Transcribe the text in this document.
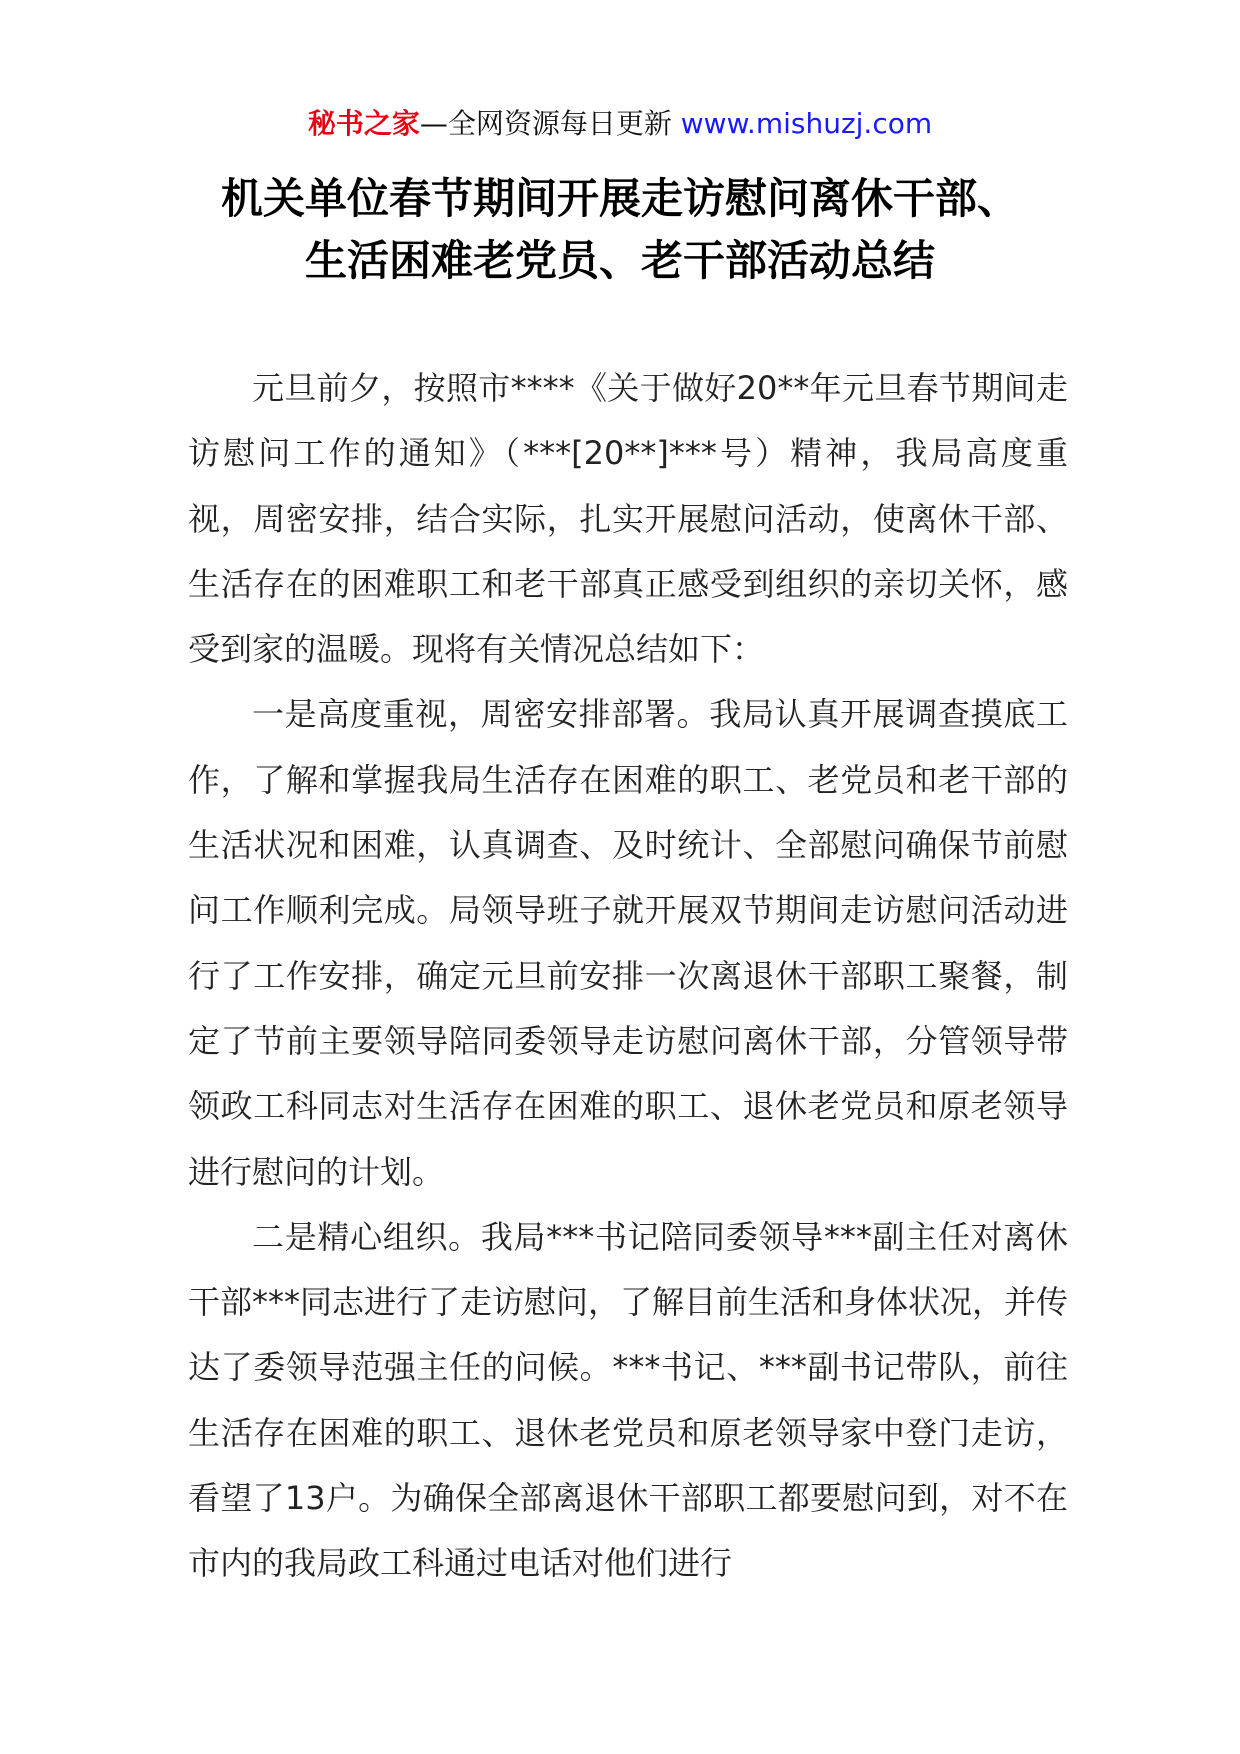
秘书之家—全网资源每日更新 www.mishuzj.com
机关单位春节期间开展走访慰问离休干部、
生活困难老党员、老干部活动总结

元旦前夕，按照市****《关于做好20**年元旦春节期间走访慰问工作的通知》（***[20**]***号）精神，我局高度重视，周密安排，结合实际，扎实开展慰问活动，使离休干部、生活存在的困难职工和老干部真正感受到组织的亲切关怀，感受到家的温暖。现将有关情况总结如下：

一是高度重视，周密安排部署。我局认真开展调查摸底工作，了解和掌握我局生活存在困难的职工、老党员和老干部的生活状况和困难，认真调查、及时统计、全部慰问确保节前慰问工作顺利完成。局领导班子就开展双节期间走访慰问活动进行了工作安排，确定元旦前安排一次离退休干部职工聚餐，制定了节前主要领导陪同委领导走访慰问离休干部，分管领导带领政工科同志对生活存在困难的职工、退休老党员和原老领导进行慰问的计划。

二是精心组织。我局***书记陪同委领导***副主任对离休干部***同志进行了走访慰问，了解目前生活和身体状况，并传达了委领导范强主任的问候。***书记、***副书记带队，前往生活存在困难的职工、退休老党员和原老领导家中登门走访，看望了13户。为确保全部离退休干部职工都要慰问到，对不在市内的我局政工科通过电话对他们进行
